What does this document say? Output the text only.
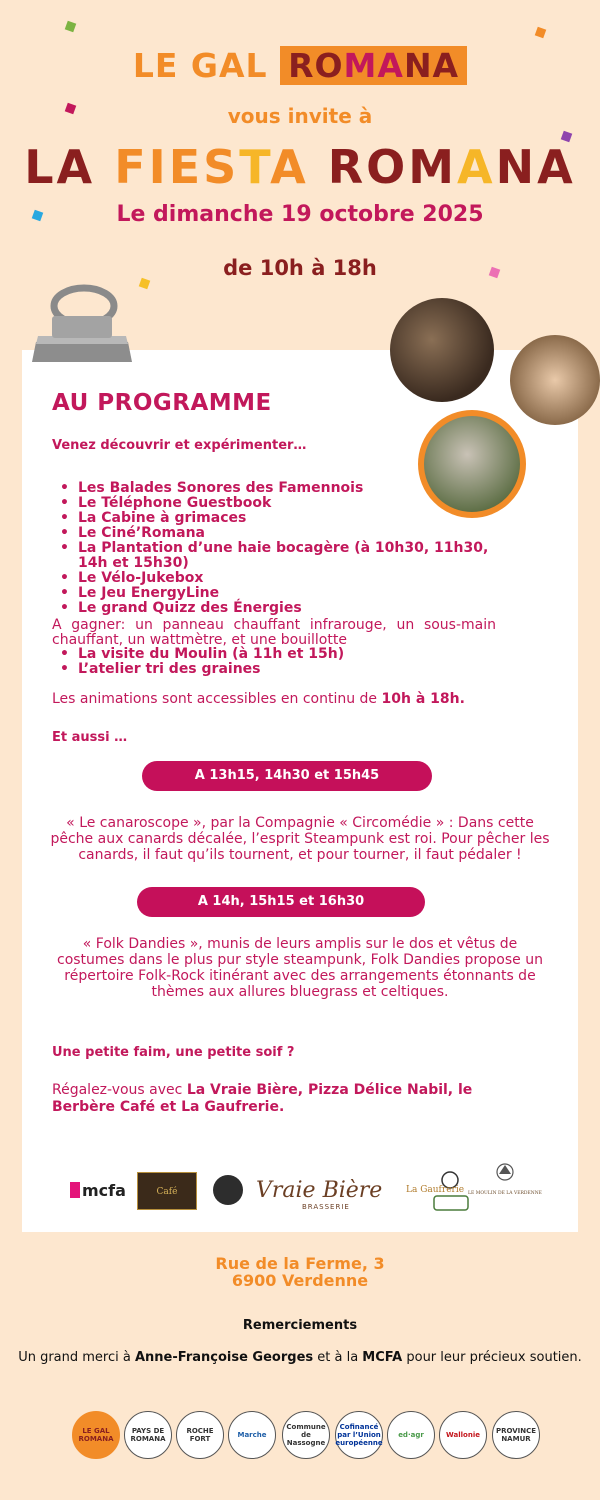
LE GAL ROMANA
vous invite à
LA FIESTA ROMANA
Le dimanche 19 octobre 2025
de 10h à 18h
AU PROGRAMME
Venez découvrir et expérimenter…
• Les Balades Sonores des Famennois
• Le Téléphone Guestbook
• La Cabine à grimaces
• Le Ciné’Romana
• La Plantation d’une haie bocagère (à 10h30, 11h30, 14h et 15h30)
• Le Vélo-Jukebox
• Le Jeu EnergyLine
• Le grand Quizz des Énergies
A gagner: un panneau chauffant infrarouge, un sous-main chauffant, un wattmètre, et une bouillotte
• La visite du Moulin (à 11h et 15h)
• L’atelier tri des graines
Les animations sont accessibles en continu de 10h à 18h.
Et aussi …
A 13h15, 14h30 et 15h45
« Le canaroscope », par la Compagnie « Circomédie » : Dans cette pêche aux canards décalée, l’esprit Steampunk est roi. Pour pêcher les canards, il faut qu’ils tournent, et pour tourner, il faut pédaler !
A 14h, 15h15 et 16h30
« Folk Dandies », munis de leurs amplis sur le dos et vêtus de costumes dans le plus pur style steampunk, Folk Dandies propose un répertoire Folk-Rock itinérant avec des arrangements étonnants de thèmes aux allures bluegrass et celtiques.
Une petite faim, une petite soif ?
Régalez-vous avec La Vraie Bière, Pizza Délice Nabil, le Berbère Café et La Gaufrerie.
mcfa	Café	Vraie Bière
BRASSERIE
La Gaufrerie LE MOULIN DE LA VERDENNE
Rue de la Ferme, 3
6900 Verdenne
Remerciements
Un grand merci à Anne-Françoise Georges et à la MCFA pour leur précieux soutien.
LE GAL ROMANA
PAYS DE ROMANA
ROCHE FORT	Marche
Commune de Nassogne
Cofinancé par l’Union européenne
ed·agr	Wallonie	PROVINCE NAMUR
